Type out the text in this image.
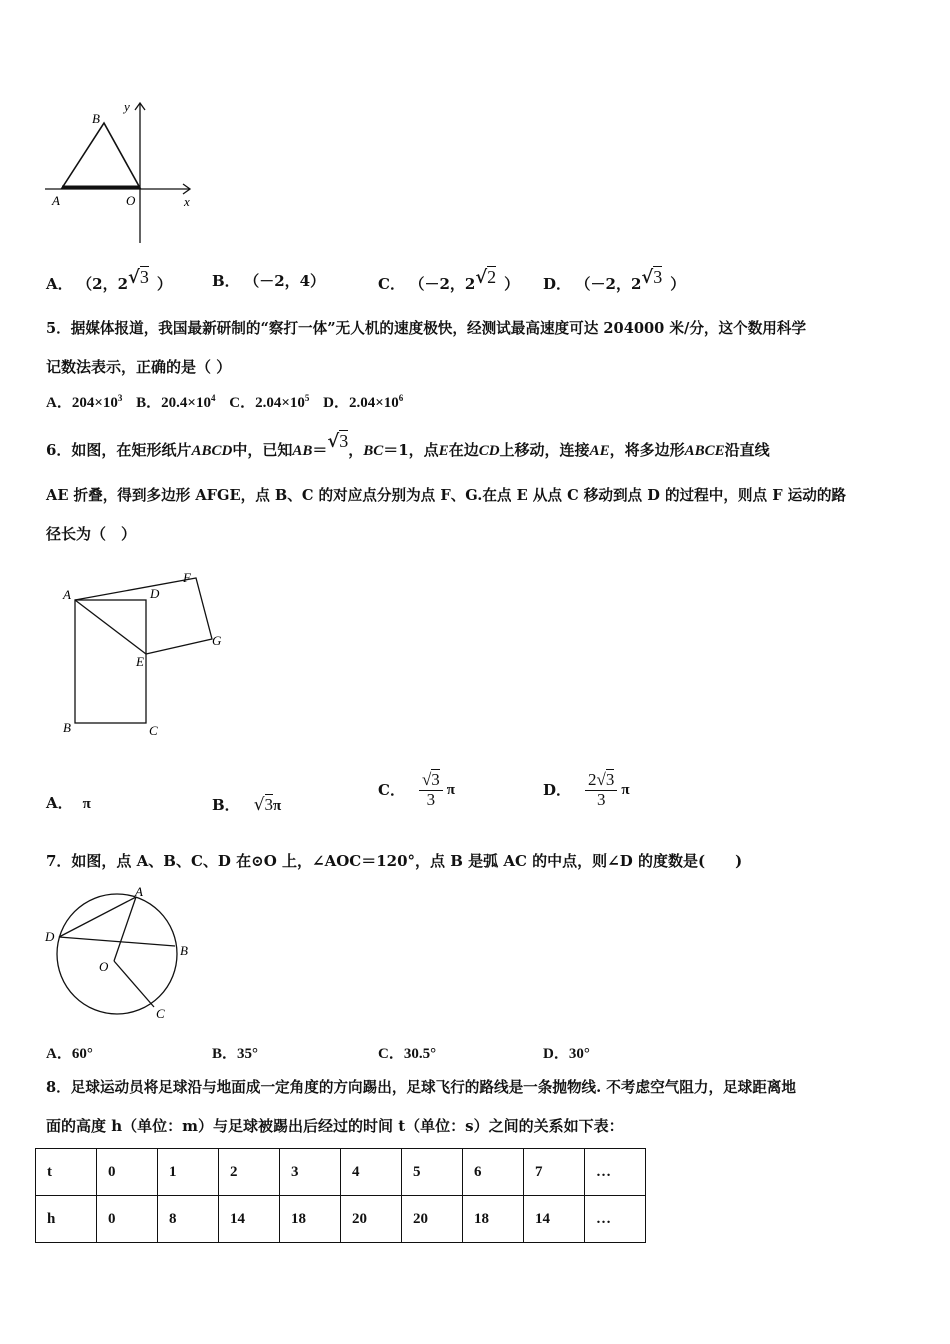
B
y
A	O	x
A． （2，2√3 ）	B． （－2，4）	C． （－2，2√2 ） D． （－2，2√3 ）
5．据媒体报道，我国最新研制的“察打一体”无人机的速度极快，经测试最高速度可达 204000 米/分，这个数用科学
记数法表示，正确的是（ ）
A．$204\times 10^3$ B．$20.4\times 10^4$ C．$2.04\times 10^5$ D．$2.04\times 10^6$
6．如图，在矩形纸片ABCD中，已知AB＝√3，BC＝1，点E在边CD上移动，连接AE，将多边形ABCE沿直线
AE 折叠，得到多边形 AFGE，点 B、C 的对应点分别为点 F、G.在点 E 从点 C 移动到点 D 的过程中，则点 F 运动的路
径长为（　）
A	D
F
G
E
B	C
A． π	B． √3π
C． $\frac{√3}{3}$ π	D． $\frac{2√3}{3}$ π
7．如图，点 A、B、C、D 在⊙O 上，∠AOC＝120°，点 B 是弧 AC 的中点，则∠D 的度数是(　　)
A
D
B
O
C
A．60°	B．35°	C．30.5°	D．30°
8．足球运动员将足球沿与地面成一定角度的方向踢出，足球飞行的路线是一条抛物线. 不考虑空气阻力，足球距离地
面的高度 h（单位：m）与足球被踢出后经过的时间 t（单位：s）之间的关系如下表：
t	0	1	2	3	4	5	6	7	…
h	0	8	14	18	20	20	18	14	…
